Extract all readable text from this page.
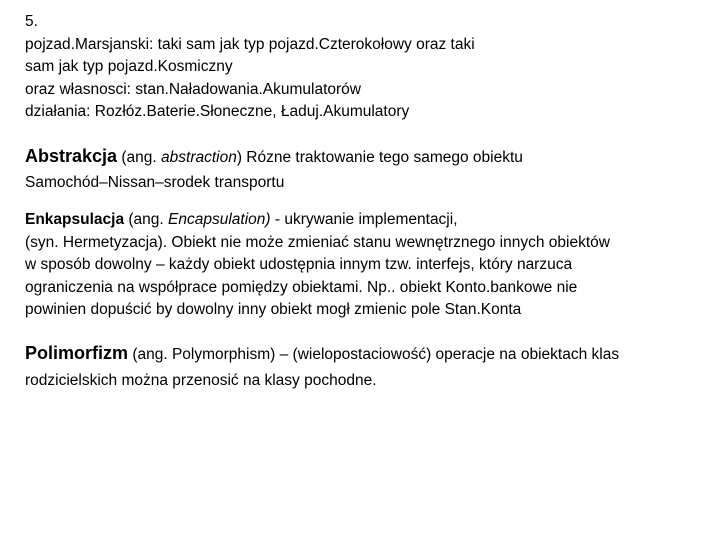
5.
pojzad.Marsjanski: taki sam jak typ pojazd.Czterokołowy oraz taki
sam jak typ pojazd.Kosmiczny
oraz własnosci: stan.Naładowania.Akumulatorów
działania: Rozłóz.Baterie.Słoneczne, Ładuj.Akumulatory
Abstrakcja (ang. abstraction) Rózne traktowanie tego samego obiektu
Samochód–Nissan–srodek transportu
Enkapsulacja (ang. Encapsulation) - ukrywanie implementacji,
(syn. Hermetyzacja). Obiekt nie może zmieniać stanu wewnętrznego innych obiektów
w sposób dowolny – każdy obiekt udostępnia innym tzw. interfejs, który narzuca
ograniczenia na współprace pomiędzy obiektami. Np.. obiekt Konto.bankowe nie
powinien dopuścić by dowolny inny obiekt mogł zmienic pole Stan.Konta
Polimorfizm (ang. Polymorphism) – (wielopostaciowość) operacje na obiektach klas
rodzicielskich można przenosić na klasy pochodne.
